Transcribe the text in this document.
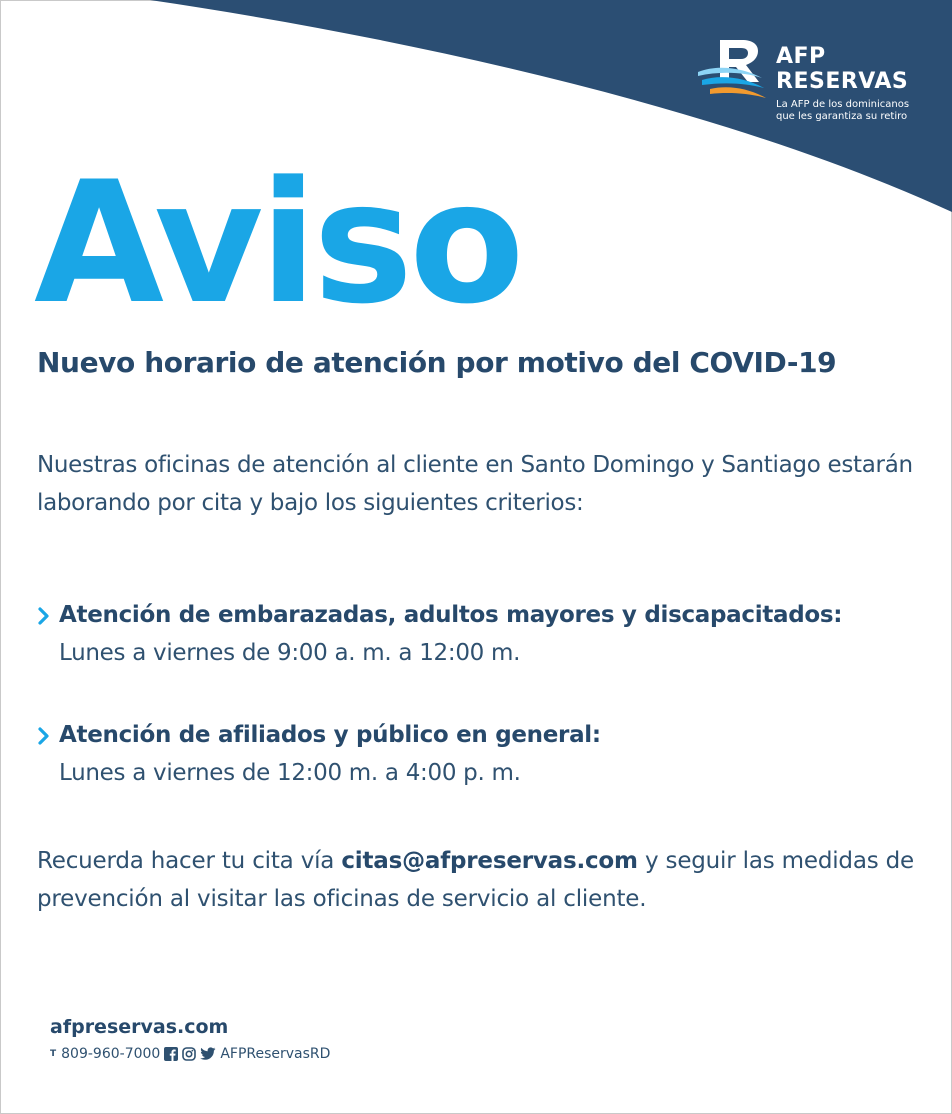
AFP
RESERVAS
La AFP de los dominicanos
que les garantiza su retiro
Aviso
Nuevo horario de atención por motivo del COVID-19
Nuestras oficinas de atención al cliente en Santo Domingo y Santiago estarán laborando por cita y bajo los siguientes criterios:
Atención de embarazadas, adultos mayores y discapacitados:
Lunes a viernes de 9:00 a. m. a 12:00 m.
Atención de afiliados y público en general:
Lunes a viernes de 12:00 m. a 4:00 p. m.
Recuerda hacer tu cita vía citas@afpreservas.com y seguir las medidas de prevención al visitar las oficinas de servicio al cliente.
afpreservas.com
T 809-960-7000	AFPReservasRD
